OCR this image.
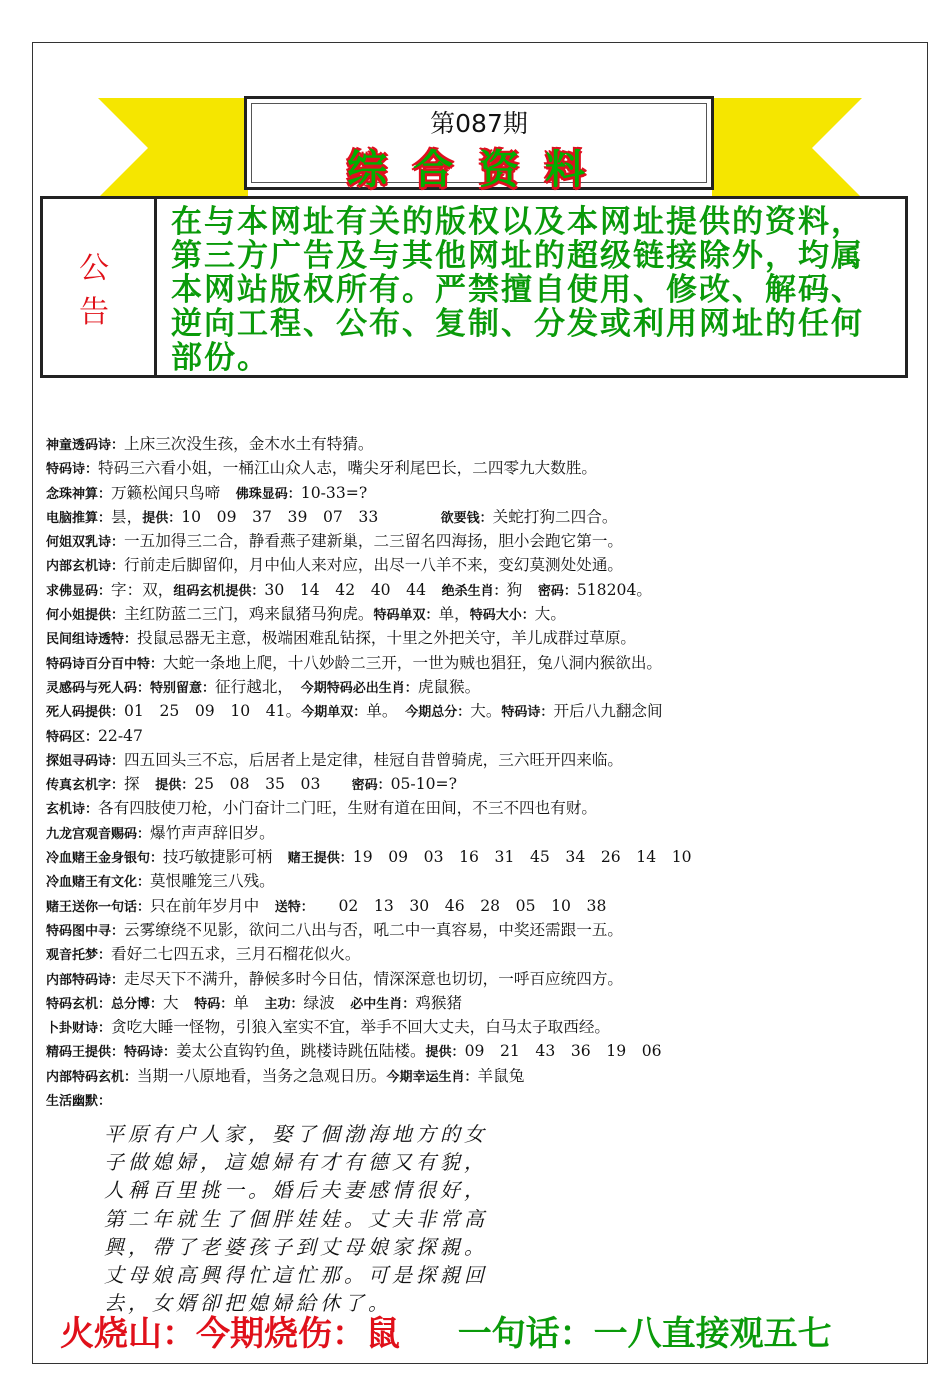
第087期
综合资料
公告
在与本网址有关的版权以及本网址提供的资料，第三方广告及与其他网址的超级链接除外，均属本网站版权所有。严禁擅自使用、修改、解码、逆向工程、公布、复制、分发或利用网址的任何部份。
神童透码诗：上床三次没生孩，金木水土有特猜。
特码诗：特码三六看小姐，一桶江山众人志，嘴尖牙利尾巴长，二四零九大数胜。
念珠神算：万籁松闻只鸟啼　佛珠显码：10-33=?
电脑推算：昙，提供：10　09　37　39　07　33　　　　欲要钱：关蛇打狗二四合。
何姐双乳诗：一五加得三二合，静看燕子建新巢，二三留名四海扬，胆小会跑它第一。
内部玄机诗：行前走后脚留仰，月中仙人来对应，出尽一八羊不来，变幻莫测处处通。
求佛显码：字：双，组码玄机提供：30　14　42　40　44　绝杀生肖：狗　密码：518204。
何小姐提供：主红防蓝二三门，鸡来鼠猪马狗虎。特码单双：单，特码大小：大。
民间组诗透特：投鼠忌器无主意，极端困难乱钻探，十里之外把关守，羊儿成群过草原。
特码诗百分百中特：大蛇一条地上爬，十八妙龄二三开，一世为贼也猖狂，兔八洞内猴欲出。
灵感码与死人码：特别留意：征行越北，　今期特码必出生肖：虎鼠猴。
死人码提供：01　25　09　10　41。今期单双：单。　今期总分：大。特码诗：开后八九翻念间
特码区：22-47
探姐寻码诗：四五回头三不忘，后居者上是定律，桂冠自昔曾骑虎，三六旺开四来临。
传真玄机字：探　提供：25　08　35　03　　密码：05-10=?
玄机诗：各有四肢使刀枪，小门奋计二门旺，生财有道在田间，不三不四也有财。
九龙宫观音赐码：爆竹声声辞旧岁。
冷血赌王金身银句：技巧敏捷影可柄　赌王提供：19　09　03　16　31　45　34　26　14　10
冷血赌王有文化：莫恨雕笼三八残。
赌王送你一句话：只在前年岁月中　送特：　　02　13　30　46　28　05　10　38
特码图中寻：云雾缭绕不见影，欲问二八出与否，吼二中一真容易，中奖还需跟一五。
观音托梦：看好二七四五求，三月石榴花似火。
内部特码诗：走尽天下不满升，静候多时今日估，情深深意也切切，一呼百应统四方。
特码玄机：总分博：大　特码：单　主功：绿波　必中生肖：鸡猴猪
卜卦财诗：贪吃大睡一怪物，引狼入室实不宜，举手不回大丈夫，白马太子取西经。
精码王提供：特码诗：姜太公直钩钓鱼，跳楼诗跳伍陆楼。提供：09　21　43　36　19　06
内部特码玄机：当期一八原地看，当务之急观日历。今期幸运生肖：羊鼠兔
生活幽默：
平原有户人家，娶了個渤海地方的女
子做媳婦，這媳婦有才有德又有貌，
人稱百里挑一。婚后夫妻感情很好，
第二年就生了個胖娃娃。丈夫非常高
興，帶了老婆孩子到丈母娘家探親。
丈母娘高興得忙這忙那。可是探親回
去，女婿卻把媳婦給休了。
火烧山：今期烧伤：鼠 　 一句话：一八直接观五七
